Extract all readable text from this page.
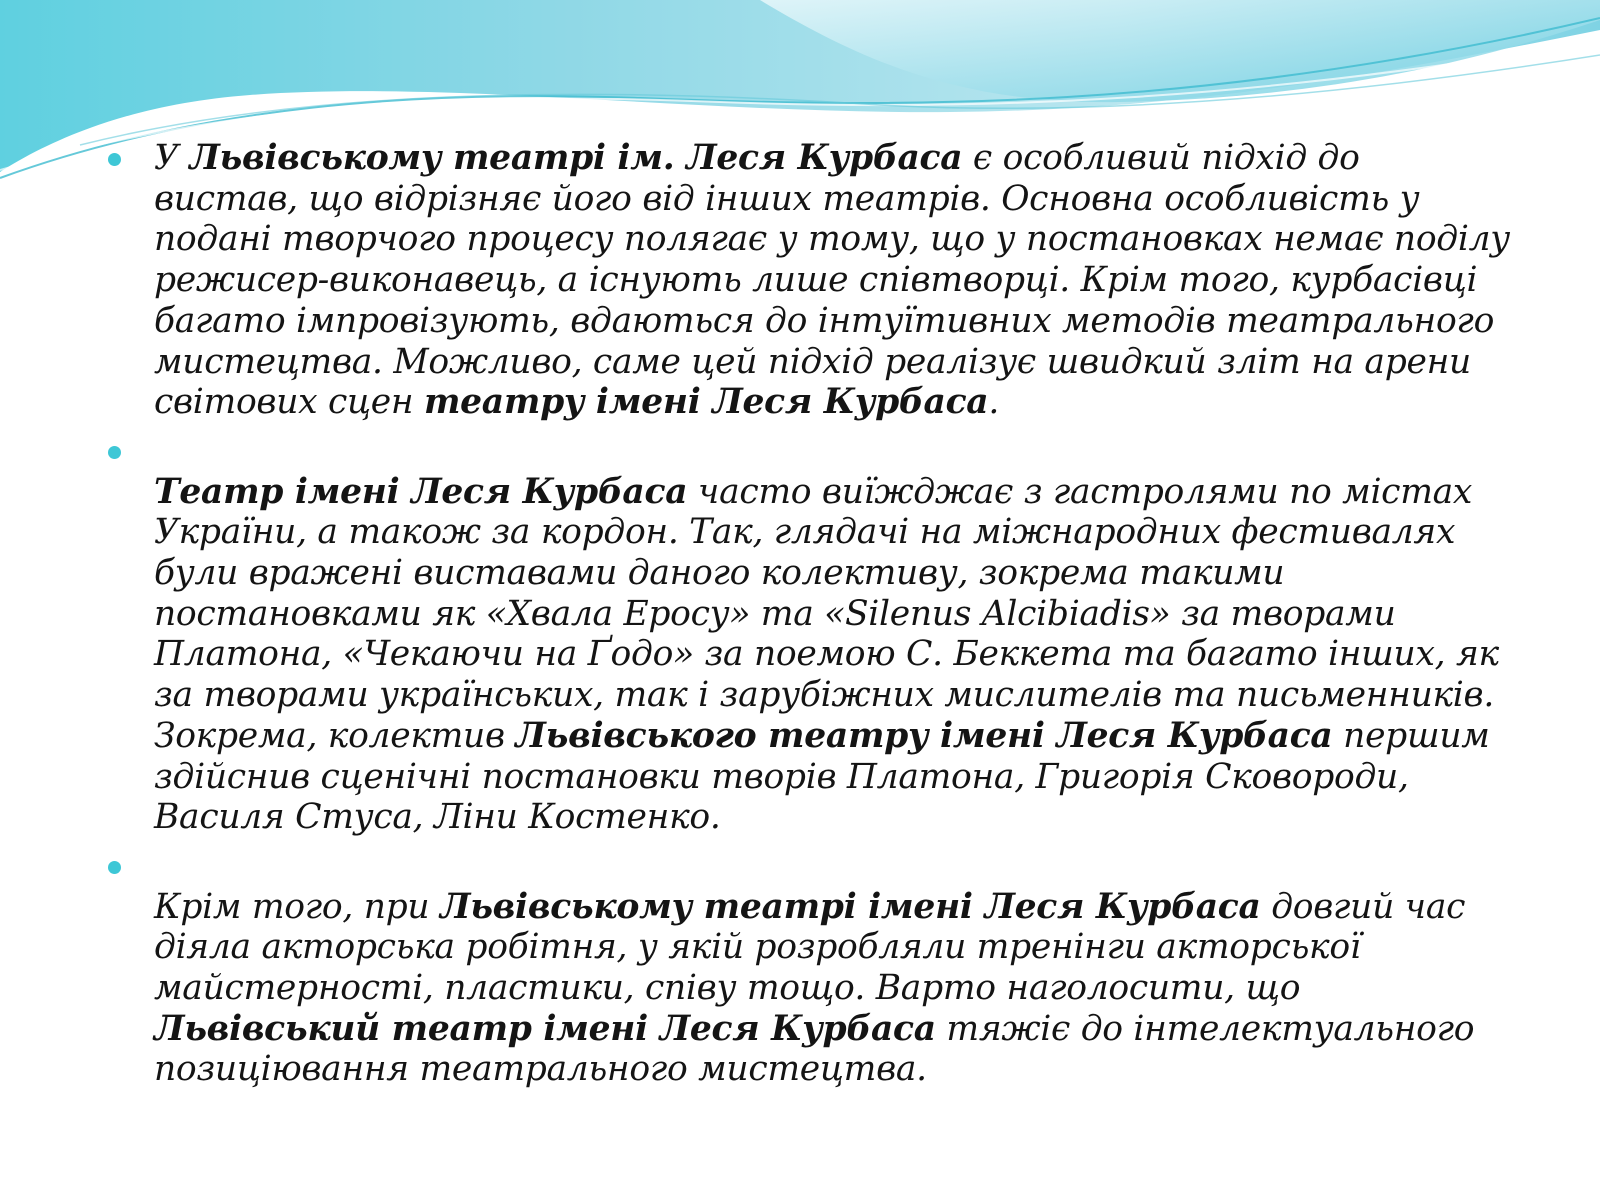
У Львівському театрі ім. Леся Курбаса є особливий підхід до вистав, що відрізняє його від інших театрів. Основна особливість у подані творчого процесу полягає у тому, що у постановках немає поділу режисер-виконавець, а існують лише співтворці. Крім того, курбасівці багато імпровізують, вдаються до інтуїтивних методів театрального мистецтва. Можливо, саме цей підхід реалізує швидкий зліт на арени світових сцен театру імені Леся Курбаса.
Театр імені Леся Курбаса часто виїжджає з гастролями по містах України, а також за кордон. Так, глядачі на міжнародних фестивалях були вражені виставами даного колективу, зокрема такими постановками як «Хвала Еросу» та «Silenus Alcibiadis» за творами Платона, «Чекаючи на Ґодо» за поемою С. Беккета та багато інших, як за творами українських, так і зарубіжних мислителів та письменників. Зокрема, колектив Львівського театру імені Леся Курбаса першим здійснив сценічні постановки творів Платона, Григорія Сковороди, Василя Стуса, Ліни Костенко.
Крім того, при Львівському театрі імені Леся Курбаса довгий час діяла акторська робітня, у якій розробляли тренінги акторської майстерності, пластики, співу тощо. Варто наголосити, що Львівський театр імені Леся Курбаса тяжіє до інтелектуального позиціювання театрального мистецтва.
